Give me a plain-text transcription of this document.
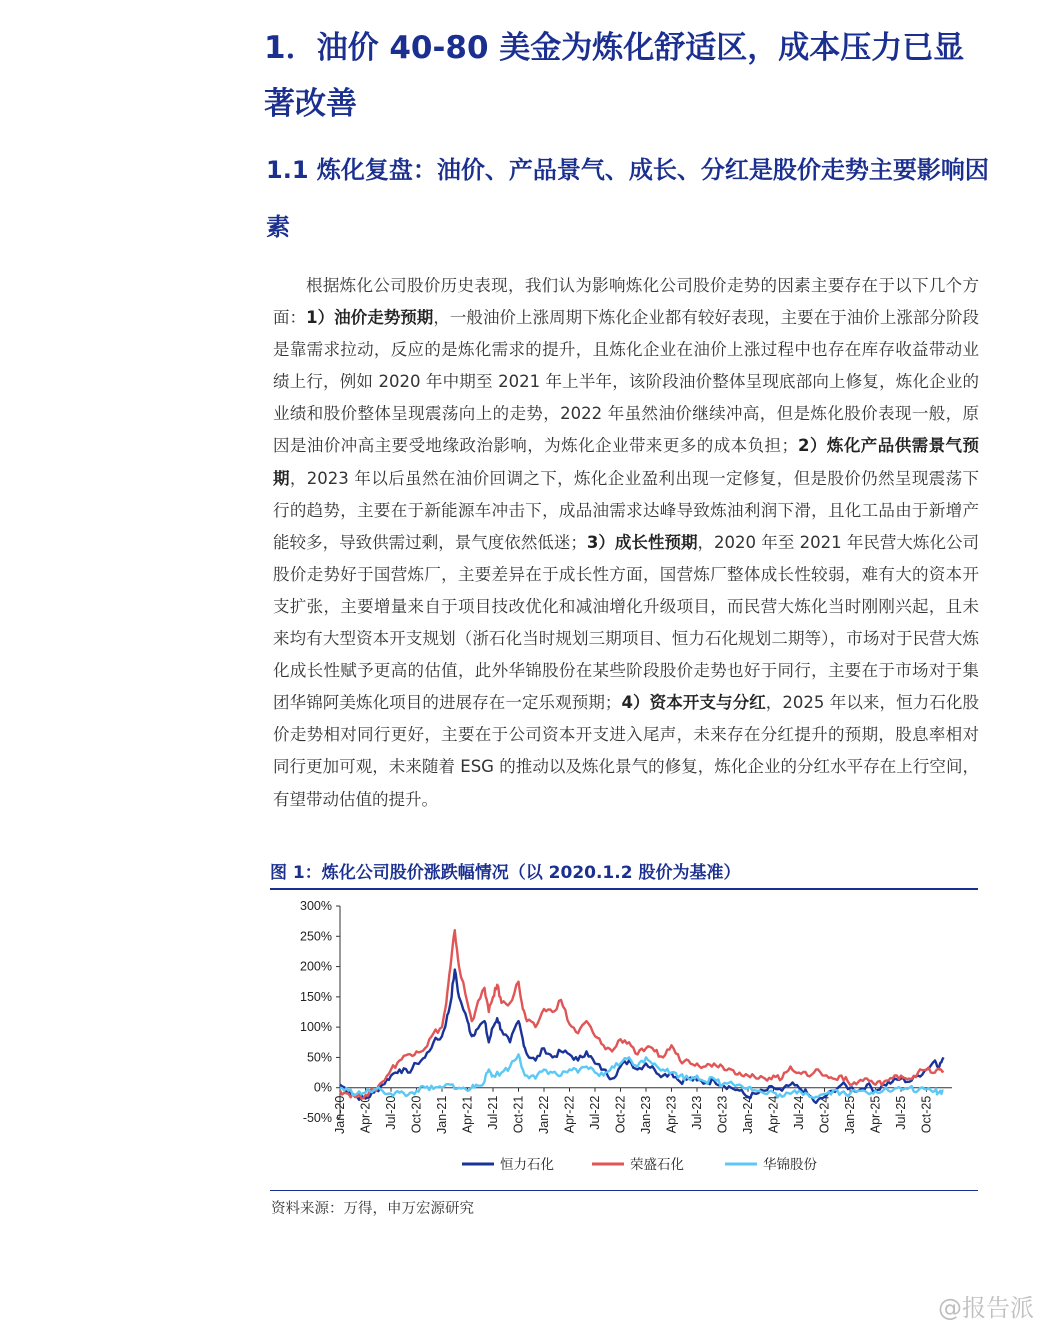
1．油价 40-80 美金为炼化舒适区，成本压力已显著改善
1.1 炼化复盘：油价、产品景气、成长、分红是股价走势主要影响因素

根据炼化公司股价历史表现，我们认为影响炼化公司股价走势的因素主要存在于以下几个方面：1）油价走势预期，一般油价上涨周期下炼化企业都有较好表现，主要在于油价上涨部分阶段是靠需求拉动，反应的是炼化需求的提升，且炼化企业在油价上涨过程中也存在库存收益带动业绩上行，例如 2020 年中期至 2021 年上半年，该阶段油价整体呈现底部向上修复，炼化企业的业绩和股价整体呈现震荡向上的走势，2022 年虽然油价继续冲高，但是炼化股价表现一般，原因是油价冲高主要受地缘政治影响，为炼化企业带来更多的成本负担；2）炼化产品供需景气预期，2023 年以后虽然在油价回调之下，炼化企业盈利出现一定修复，但是股价仍然呈现震荡下行的趋势，主要在于新能源车冲击下，成品油需求达峰导致炼油利润下滑，且化工品由于新增产能较多，导致供需过剩，景气度依然低迷；3）成长性预期，2020 年至 2021 年民营大炼化公司股价走势好于国营炼厂，主要差异在于成长性方面，国营炼厂整体成长性较弱，难有大的资本开支扩张，主要增量来自于项目技改优化和减油增化升级项目，而民营大炼化当时刚刚兴起，且未来均有大型资本开支规划（浙石化当时规划三期项目、恒力石化规划二期等），市场对于民营大炼化成长性赋予更高的估值，此外华锦股份在某些阶段股价走势也好于同行，主要在于市场对于集团华锦阿美炼化项目的进展存在一定乐观预期；4）资本开支与分红，2025 年以来，恒力石化股价走势相对同行更好，主要在于公司资本开支进入尾声，未来存在分红提升的预期，股息率相对同行更加可观，未来随着 ESG 的推动以及炼化景气的修复，炼化企业的分红水平存在上行空间，有望带动估值的提升。

图 1：炼化公司股价涨跌幅情况（以 2020.1.2 股价为基准）
300%
250%
200%
150%
100%
50%
0%
-50% Jan-20 Apr-20 Jul-20 Oct-20 Jan-21 Apr-21 Jul-21 Oct-21 Jan-22 Apr-22 Jul-22 Oct-22 Jan-23 Apr-23 Jul-23 Oct-23 Jan-24 Apr-24 Jul-24 Oct-24 Jan-25 Apr-25 Jul-25 Oct-25
恒力石化	荣盛石化	华锦股份
资料来源：万得，申万宏源研究
@报告派
